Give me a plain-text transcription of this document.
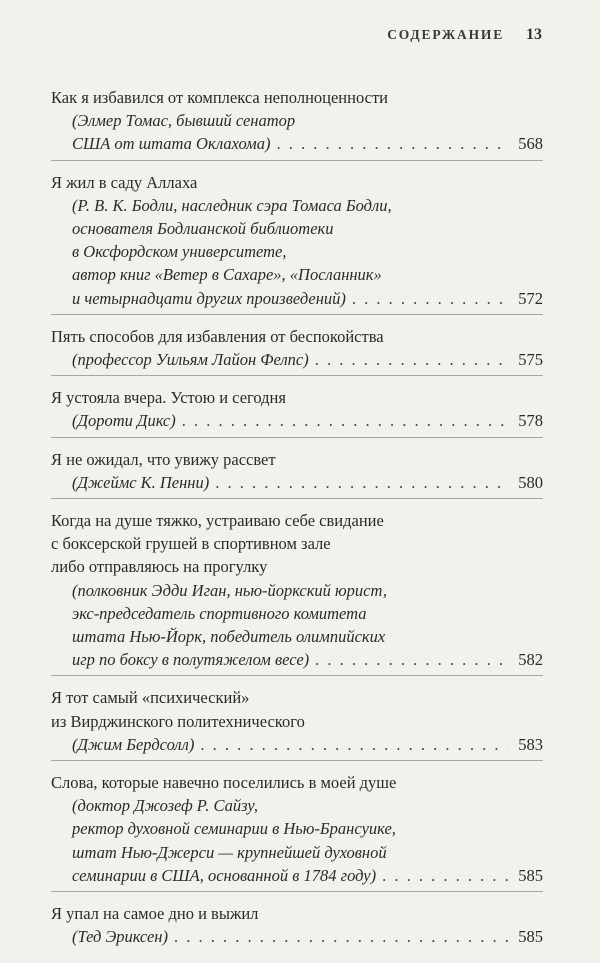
СОДЕРЖАНИЕ 13
Как я избавился от комплекса неполноценности
(Элмер Томас, бывший сенатор
США от штата Оклахома) . . .	568
Я жил в саду Аллаха
(Р. В. К. Бодли, наследник сэра Томаса Бодли,
основателя Бодлианской библиотеки
в Оксфордском университете,
автор книг «Ветер в Сахаре», «Посланник»
и четырнадцати других произведений) . . .	572
Пять способов для избавления от беспокойства
(профессор Уильям Лайон Фелпс) . . .	575
Я устояла вчера. Устою и сегодня
(Дороти Дикс) . . .	578
Я не ожидал, что увижу рассвет
(Джеймс К. Пенни) . . .	580
Когда на душе тяжко, устраиваю себе свидание
с боксерской грушей в спортивном зале
либо отправляюсь на прогулку
(полковник Эдди Иган, нью-йоркский юрист,
экс-председатель спортивного комитета
штата Нью-Йорк, победитель олимпийских
игр по боксу в полутяжелом весе) . . .	582
Я тот самый «психический»
из Вирджинского политехнического
(Джим Бердсолл) . . .	583
Слова, которые навечно поселились в моей душе
(доктор Джозеф Р. Сайзу,
ректор духовной семинарии в Нью-Брансуике,
штат Нью-Джерси — крупнейшей духовной
семинарии в США, основанной в 1784 году) . . .	585
Я упал на самое дно и выжил
(Тед Эриксен) . . .	585
